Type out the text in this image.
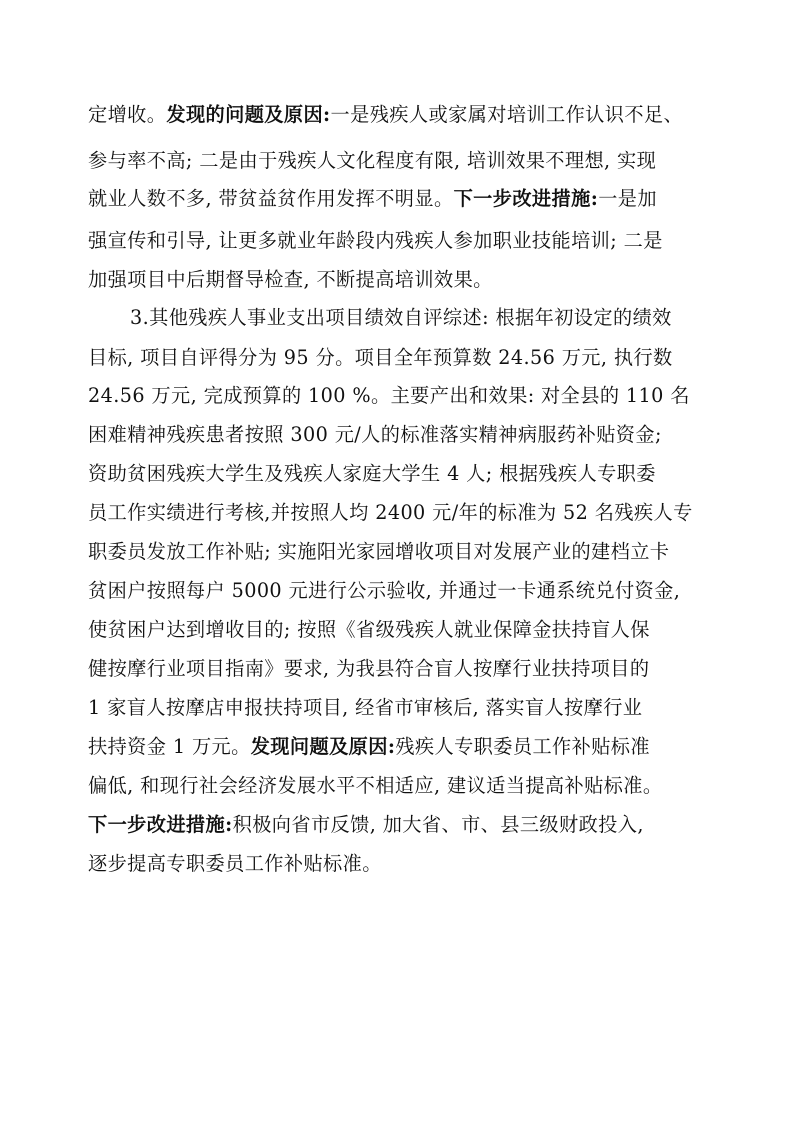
定增收。发现的问题及原因:一是残疾人或家属对培训工作认识不足、
参与率不高; 二是由于残疾人文化程度有限, 培训效果不理想, 实现
就业人数不多, 带贫益贫作用发挥不明显。下一步改进措施:一是加
强宣传和引导, 让更多就业年龄段内残疾人参加职业技能培训; 二是
加强项目中后期督导检查, 不断提高培训效果。
3.其他残疾人事业支出项目绩效自评综述: 根据年初设定的绩效
目标, 项目自评得分为 95 分。项目全年预算数 24.56 万元, 执行数
24.56 万元, 完成预算的 100 %。主要产出和效果: 对全县的 110 名
困难精神残疾患者按照 300 元/人的标准落实精神病服药补贴资金;
资助贫困残疾大学生及残疾人家庭大学生 4 人; 根据残疾人专职委
员工作实绩进行考核,并按照人均 2400 元/年的标准为 52 名残疾人专
职委员发放工作补贴; 实施阳光家园增收项目对发展产业的建档立卡
贫困户按照每户 5000 元进行公示验收, 并通过一卡通系统兑付资金,
使贫困户达到增收目的; 按照《省级残疾人就业保障金扶持盲人保
健按摩行业项目指南》要求, 为我县符合盲人按摩行业扶持项目的
1 家盲人按摩店申报扶持项目, 经省市审核后, 落实盲人按摩行业
扶持资金 1 万元。发现问题及原因:残疾人专职委员工作补贴标准
偏低, 和现行社会经济发展水平不相适应, 建议适当提高补贴标准。
下一步改进措施:积极向省市反馈, 加大省、市、县三级财政投入,
逐步提高专职委员工作补贴标准。
